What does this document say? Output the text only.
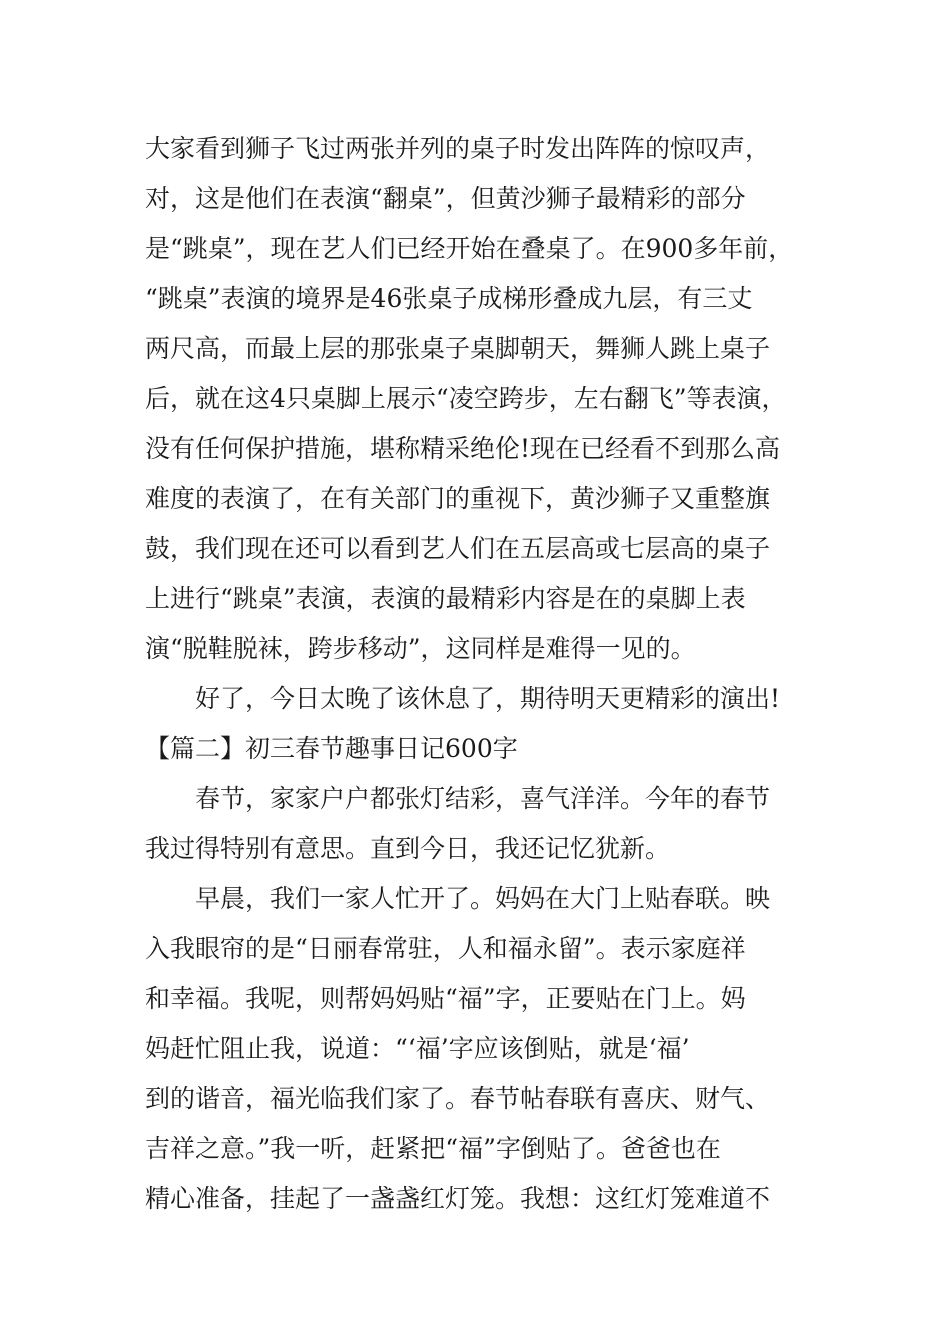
大家看到狮子飞过两张并列的桌子时发出阵阵的惊叹声，
对，这是他们在表演“翻桌”，但黄沙狮子最精彩的部分
是“跳桌”，现在艺人们已经开始在叠桌了。在900多年前，
“跳桌”表演的境界是46张桌子成梯形叠成九层，有三丈
两尺高，而最上层的那张桌子桌脚朝天，舞狮人跳上桌子
后，就在这4只桌脚上展示“凌空跨步，左右翻飞”等表演，
没有任何保护措施，堪称精采绝伦!现在已经看不到那么高
难度的表演了，在有关部门的重视下，黄沙狮子又重整旗
鼓，我们现在还可以看到艺人们在五层高或七层高的桌子
上进行“跳桌”表演，表演的最精彩内容是在的桌脚上表
演“脱鞋脱袜，跨步移动”，这同样是难得一见的。
好了，今日太晚了该休息了，期待明天更精彩的演出!
【篇二】初三春节趣事日记600字
春节，家家户户都张灯结彩，喜气洋洋。今年的春节
我过得特别有意思。直到今日，我还记忆犹新。
早晨，我们一家人忙开了。妈妈在大门上贴春联。映
入我眼帘的是“日丽春常驻，人和福永留”。表示家庭祥
和幸福。我呢，则帮妈妈贴“福”字，正要贴在门上。妈
妈赶忙阻止我，说道：“‘福’字应该倒贴，就是‘福’
到的谐音，福光临我们家了。春节帖春联有喜庆、财气、
吉祥之意。”我一听，赶紧把“福”字倒贴了。爸爸也在
精心准备，挂起了一盏盏红灯笼。我想：这红灯笼难道不
